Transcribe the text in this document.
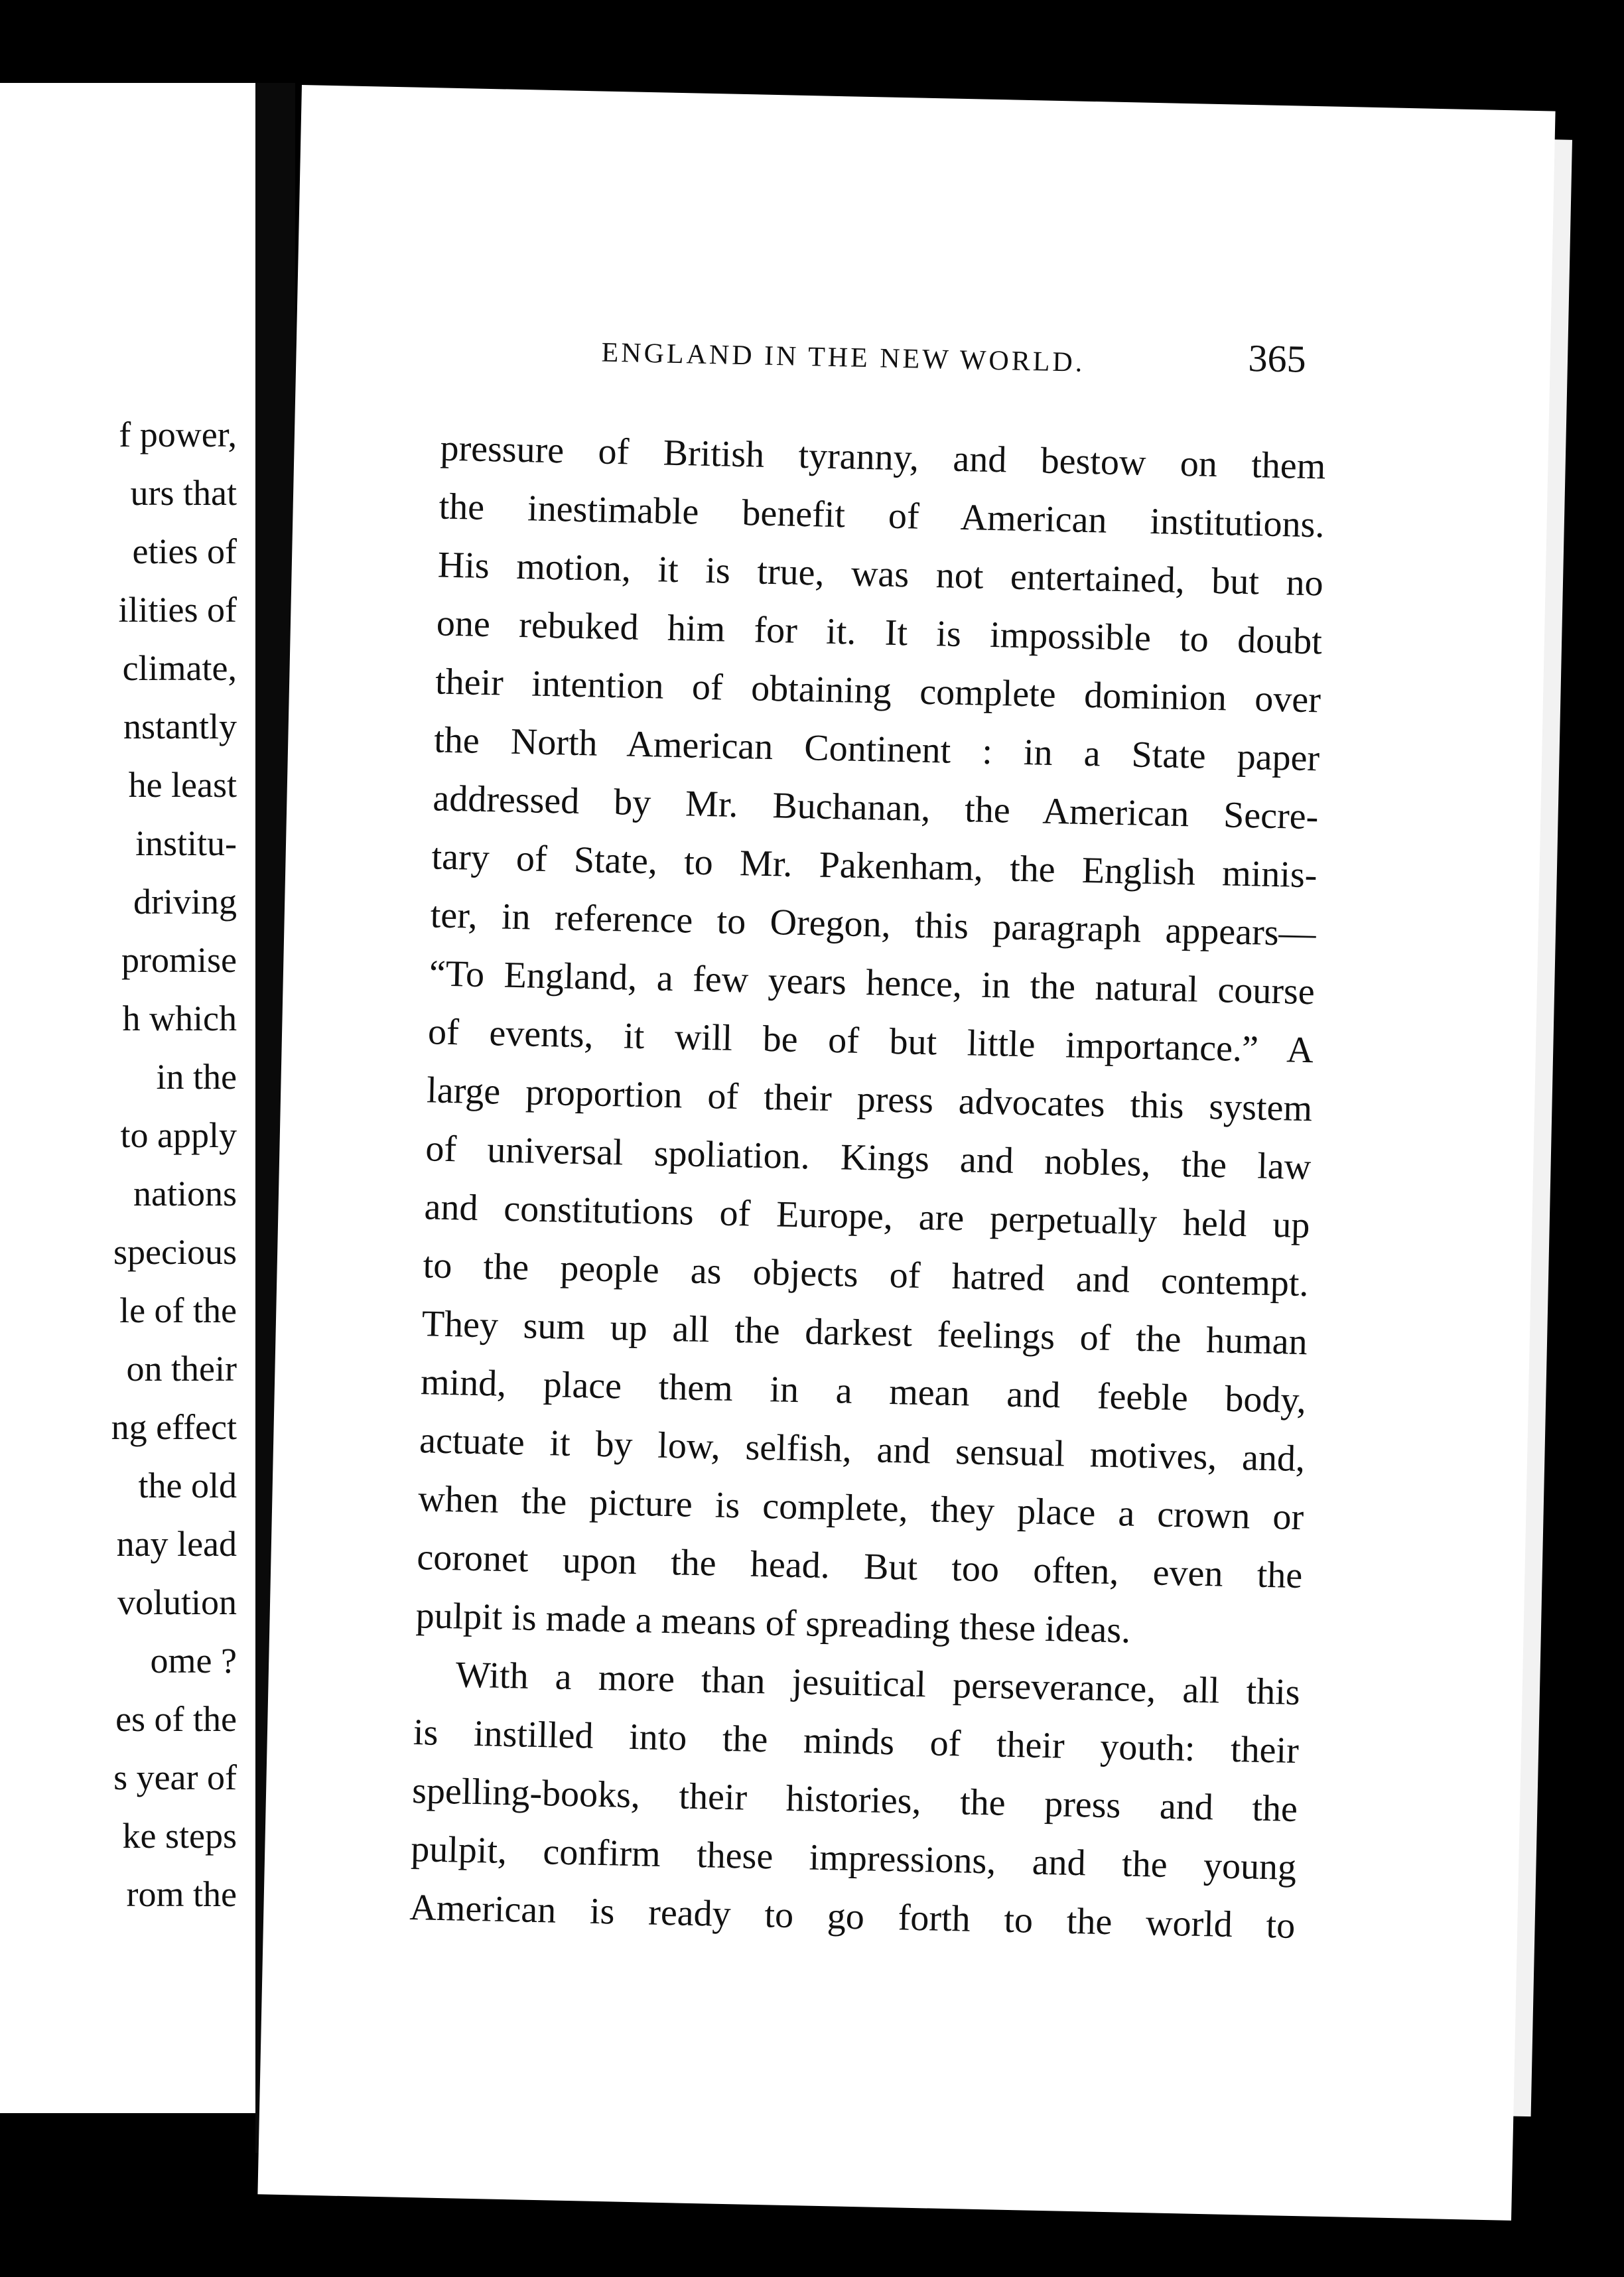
f power,
urs that
eties of
ilities of
climate,
nstantly
he least
institu-
driving
promise
h which
in the
to apply
nations
specious
le of the
on their
ng effect
the old
nay lead
volution
ome ?
es of the
s year of
ke steps
rom the
ENGLAND IN THE NEW WORLD.	365
pressure of British tyranny, and bestow on them
the inestimable benefit of American institutions.
His motion, it is true, was not entertained, but no
one rebuked him for it. It is impossible to doubt
their intention of obtaining complete dominion over
the North American Continent : in a State paper
addressed by Mr. Buchanan, the American Secre-
tary of State, to Mr. Pakenham, the English minis-
ter, in reference to Oregon, this paragraph appears—
“To England, a few years hence, in the natural course
of events, it will be of but little importance.” A
large proportion of their press advocates this system
of universal spoliation. Kings and nobles, the law
and constitutions of Europe, are perpetually held up
to the people as objects of hatred and contempt.
They sum up all the darkest feelings of the human
mind, place them in a mean and feeble body,
actuate it by low, selfish, and sensual motives, and,
when the picture is complete, they place a crown or
coronet upon the head. But too often, even the
pulpit is made a means of spreading these ideas.
With a more than jesuitical perseverance, all this
is instilled into the minds of their youth: their
spelling-books, their histories, the press and the
pulpit, confirm these impressions, and the young
American is ready to go forth to the world to
